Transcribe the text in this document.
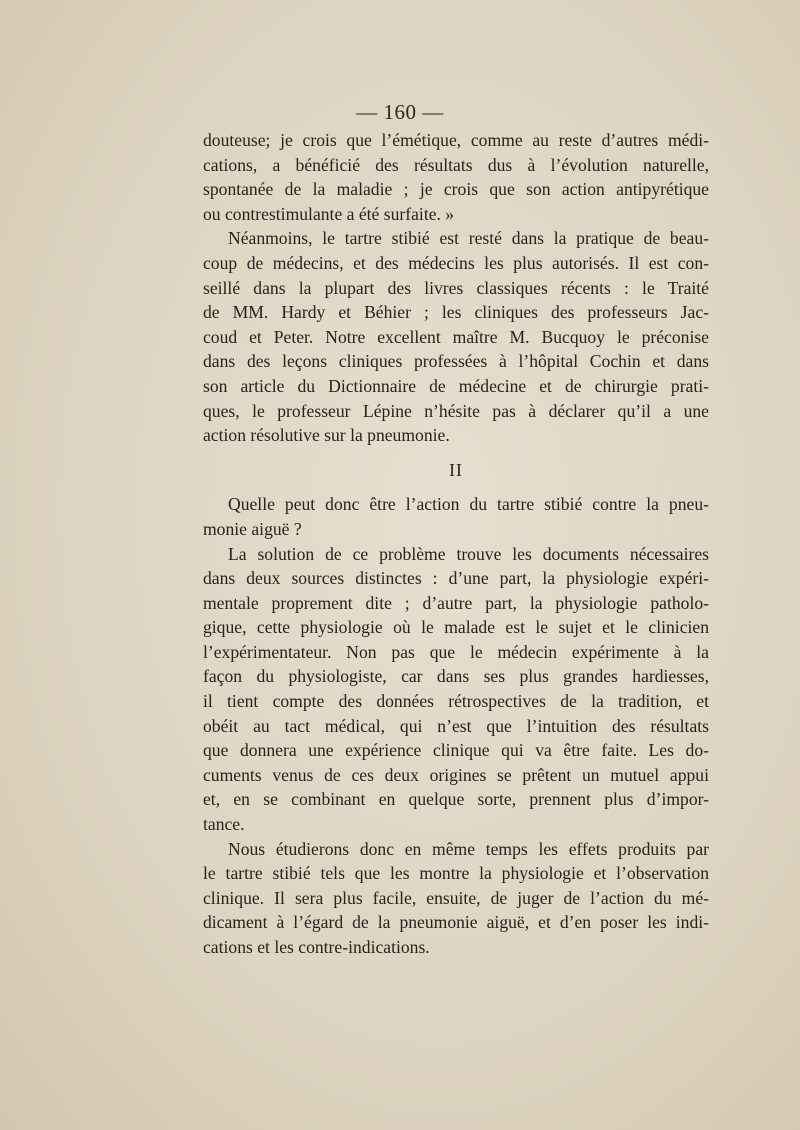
— 160 —
douteuse; je crois que l’émétique, comme au reste d’autres médi-
cations, a bénéficié des résultats dus à l’évolution naturelle,
spontanée de la maladie ; je crois que son action antipyrétique
ou contrestimulante a été surfaite. »
Néanmoins, le tartre stibié est resté dans la pratique de beau-
coup de médecins, et des médecins les plus autorisés. Il est con-
seillé dans la plupart des livres classiques récents : le Traité
de MM. Hardy et Béhier ; les cliniques des professeurs Jac-
coud et Peter. Notre excellent maître M. Bucquoy le préconise
dans des leçons cliniques professées à l’hôpital Cochin et dans
son article du Dictionnaire de médecine et de chirurgie prati-
ques, le professeur Lépine n’hésite pas à déclarer qu’il a une
action résolutive sur la pneumonie.
II
Quelle peut donc être l’action du tartre stibié contre la pneu-
monie aiguë ?
La solution de ce problème trouve les documents nécessaires
dans deux sources distinctes : d’une part, la physiologie expéri-
mentale proprement dite ; d’autre part, la physiologie patholo-
gique, cette physiologie où le malade est le sujet et le clinicien
l’expérimentateur. Non pas que le médecin expérimente à la
façon du physiologiste, car dans ses plus grandes hardiesses,
il tient compte des données rétrospectives de la tradition, et
obéit au tact médical, qui n’est que l’intuition des résultats
que donnera une expérience clinique qui va être faite. Les do-
cuments venus de ces deux origines se prêtent un mutuel appui
et, en se combinant en quelque sorte, prennent plus d’impor-
tance.
Nous étudierons donc en même temps les effets produits par
le tartre stibié tels que les montre la physiologie et l’observation
clinique. Il sera plus facile, ensuite, de juger de l’action du mé-
dicament à l’égard de la pneumonie aiguë, et d’en poser les indi-
cations et les contre-indications.
